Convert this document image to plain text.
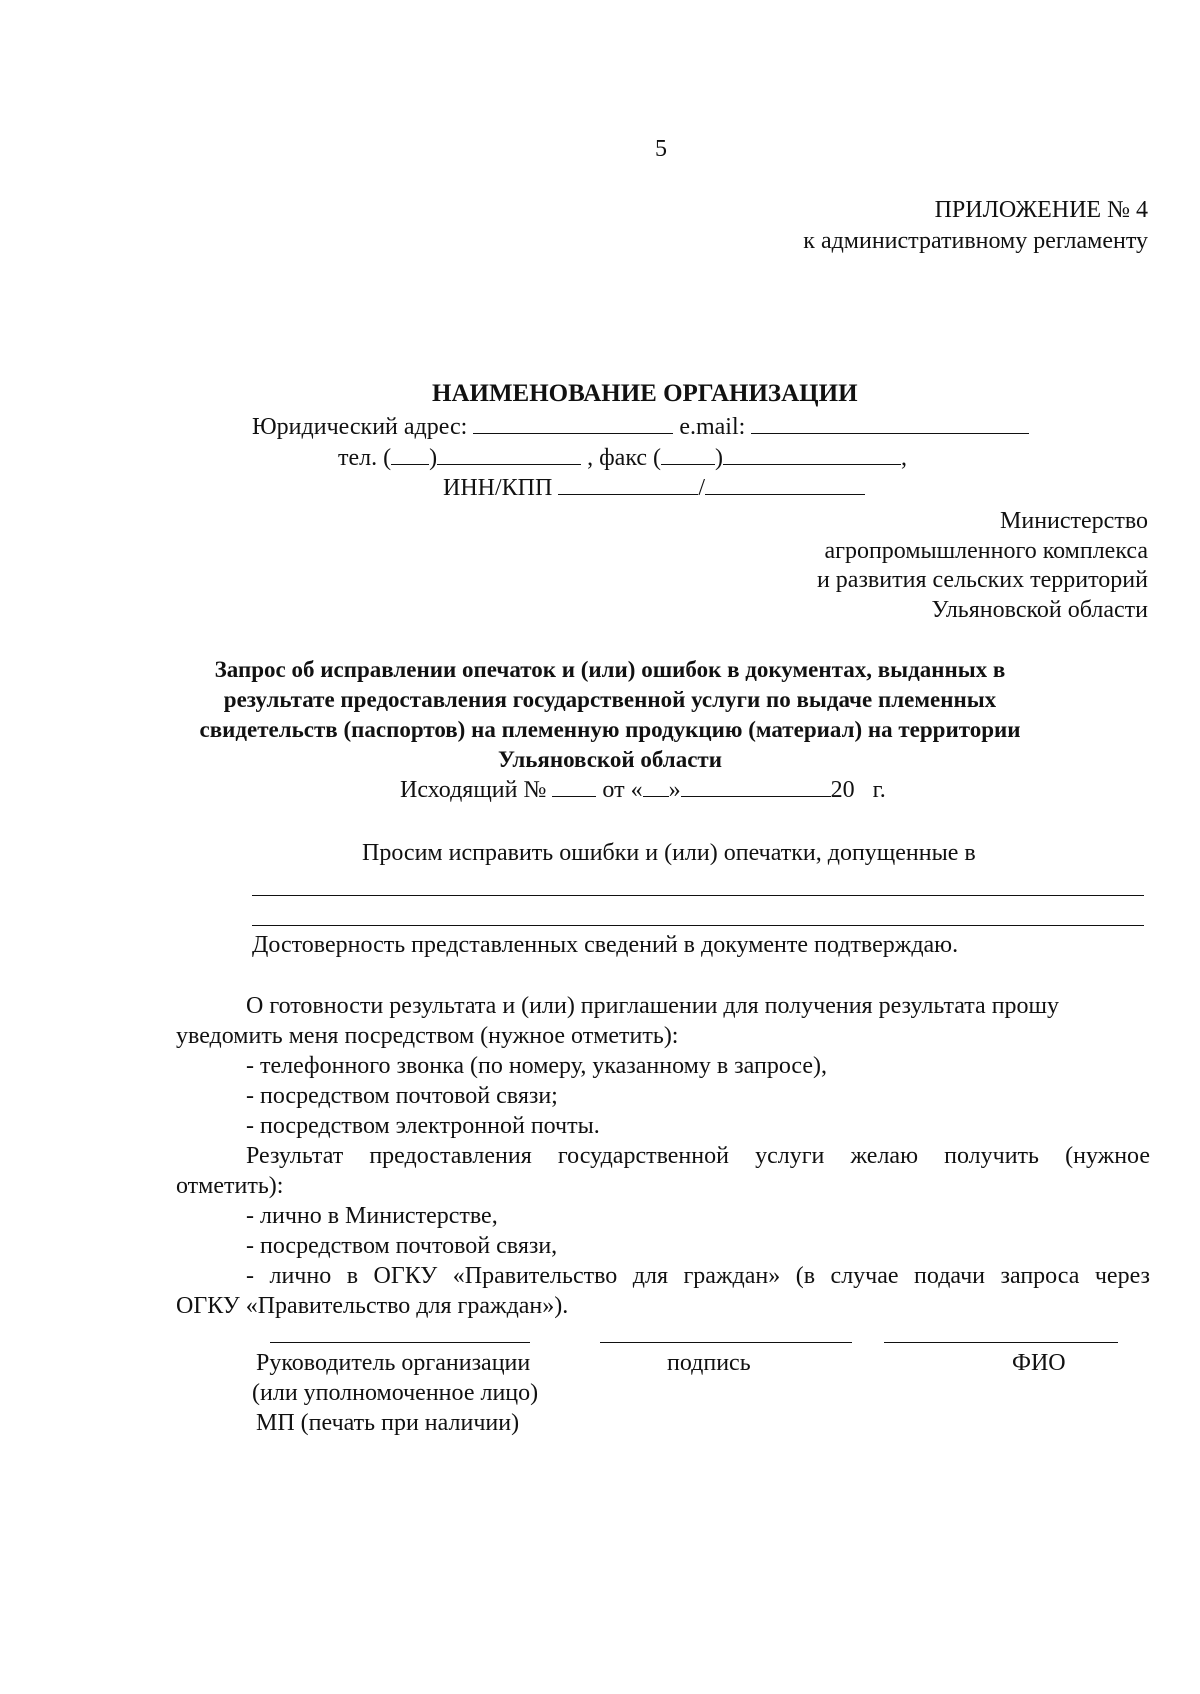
5
ПРИЛОЖЕНИЕ № 4
к административному регламенту
НАИМЕНОВАНИЕ ОРГАНИЗАЦИИ
Юридический адрес:	e.mail:
тел. ( )	, факс ( )	,
ИНН/КПП	/
Министерство
агропромышленного комплекса
и развития сельских территорий
Ульяновской области
Запрос об исправлении опечаток и (или) ошибок в документах, выданных в
результате предоставления государственной услуги по выдаче племенных
свидетельств (паспортов) на племенную продукцию (материал) на территории
Ульяновской области
Исходящий № от « »	20 г.
Просим исправить ошибки и (или) опечатки, допущенные в
Достоверность представленных сведений в документе подтверждаю.
О готовности результата и (или) приглашении для получения результата прошу
уведомить меня посредством (нужное отметить):
- телефонного звонка (по номеру, указанному в запросе),
- посредством почтовой связи;
- посредством электронной почты.
Результат предоставления государственной услуги желаю получить (нужное
отметить):
- лично в Министерстве,
- посредством почтовой связи,
- лично в ОГКУ «Правительство для граждан» (в случае подачи запроса через
ОГКУ «Правительство для граждан»).
Руководитель организации
(или уполномоченное лицо)
МП (печать при наличии)
подпись	ФИО
